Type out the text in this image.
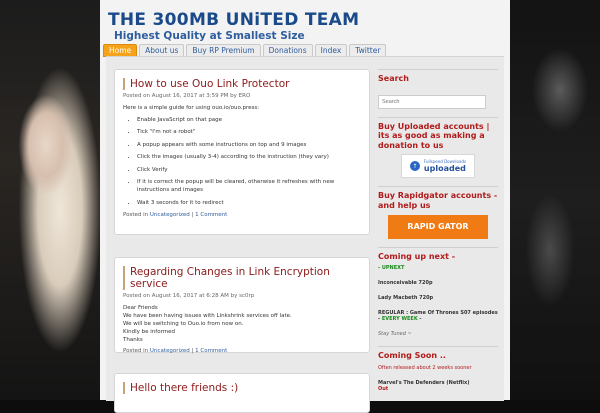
THE 300MB UNiTED TEAM
Highest Quality at Smallest Size
Home	About us	Buy RP Premium	Donations	Index	Twitter
How to use Ouo Link Protector
Posted on August 16, 2017 at 3:59 PM by ERO
Here is a simple guide for using ouo.io/ouo.press:
• Enable JavaScript on that page
• Tick "I'm not a robot"
• A popup appears with some instructions on top and 9 images
• Click the images (usually 3-4) according to the instruction (they vary)
• Click Verify
• If it is correct the popup will be cleared, otherwise it refreshes with new instructions and images
• Wait 3 seconds for it to redirect
Posted in Uncategorized | 1 Comment
Regarding Changes in Link Encryption service
Posted on August 16, 2017 at 6:28 AM by sc0rp
Dear Friends
We have been having issues with Linkshrink services off late.
We will be switching to Ouo.io from now on.
Kindly be informed
Thanks
Posted in Uncategorized | 1 Comment
Hello there friends :)
Search
Search
Buy Uploaded accounts | its as good as making a donation to us
↑
Fullspeed Downloads
uploaded
Buy Rapidgator accounts - and help us
RAPID GATOR
Coming up next -
- UPNEXT
Inconceivable 720p
Lady Macbeth 720p
REGULAR : Game Of Thrones S07 episodes - EVERY WEEK -
Stay Tuned ~
Coming Soon ..
Often released about 2 weeks sooner
Marvel's The Defenders (Netflix)
Out
